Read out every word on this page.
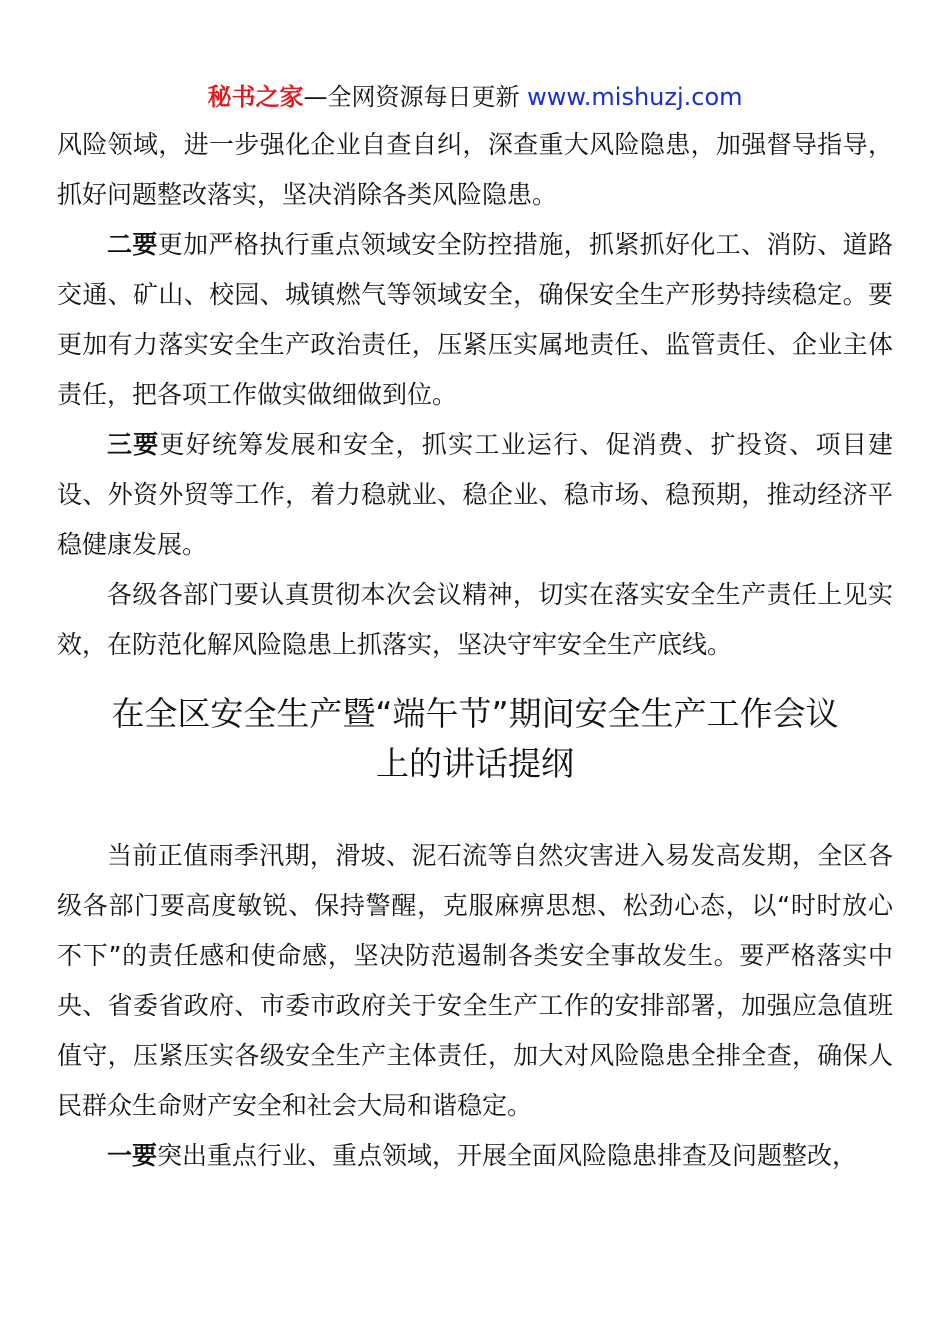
秘书之家—全网资源每日更新 www.mishuzj.com

风险领域，进一步强化企业自查自纠，深查重大风险隐患，加强督导指导，抓好问题整改落实，坚决消除各类风险隐患。

二要更加严格执行重点领域安全防控措施，抓紧抓好化工、消防、道路交通、矿山、校园、城镇燃气等领域安全，确保安全生产形势持续稳定。要更加有力落实安全生产政治责任，压紧压实属地责任、监管责任、企业主体责任，把各项工作做实做细做到位。

三要更好统筹发展和安全，抓实工业运行、促消费、扩投资、项目建设、外资外贸等工作，着力稳就业、稳企业、稳市场、稳预期，推动经济平稳健康发展。

各级各部门要认真贯彻本次会议精神，切实在落实安全生产责任上见实效，在防范化解风险隐患上抓落实，坚决守牢安全生产底线。

在全区安全生产暨“端午节”期间安全生产工作会议
上的讲话提纲

当前正值雨季汛期，滑坡、泥石流等自然灾害进入易发高发期，全区各级各部门要高度敏锐、保持警醒，克服麻痹思想、松劲心态，以“时时放心不下”的责任感和使命感，坚决防范遏制各类安全事故发生。要严格落实中央、省委省政府、市委市政府关于安全生产工作的安排部署，加强应急值班值守，压紧压实各级安全生产主体责任，加大对风险隐患全排全查，确保人民群众生命财产安全和社会大局和谐稳定。

一要突出重点行业、重点领域，开展全面风险隐患排查及问题整改，
